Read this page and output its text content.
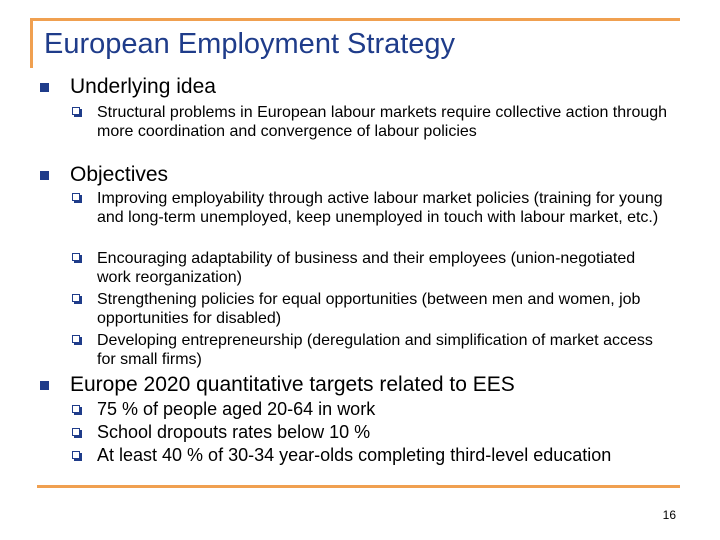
European Employment Strategy
Underlying idea
Structural problems in European labour markets require collective action through more coordination and convergence of labour policies
Objectives
Improving employability through active labour market policies (training for young and long-term unemployed, keep unemployed in touch with labour market, etc.)
Encouraging adaptability of business and their employees (union-negotiated work reorganization)
Strengthening policies for equal opportunities (between men and women, job opportunities for disabled)
Developing entrepreneurship (deregulation and simplification of market access for small firms)
Europe 2020 quantitative targets related to EES
75 % of people aged 20-64 in work
School dropouts rates below 10 %
At least 40 % of 30-34 year-olds completing third-level education
16
